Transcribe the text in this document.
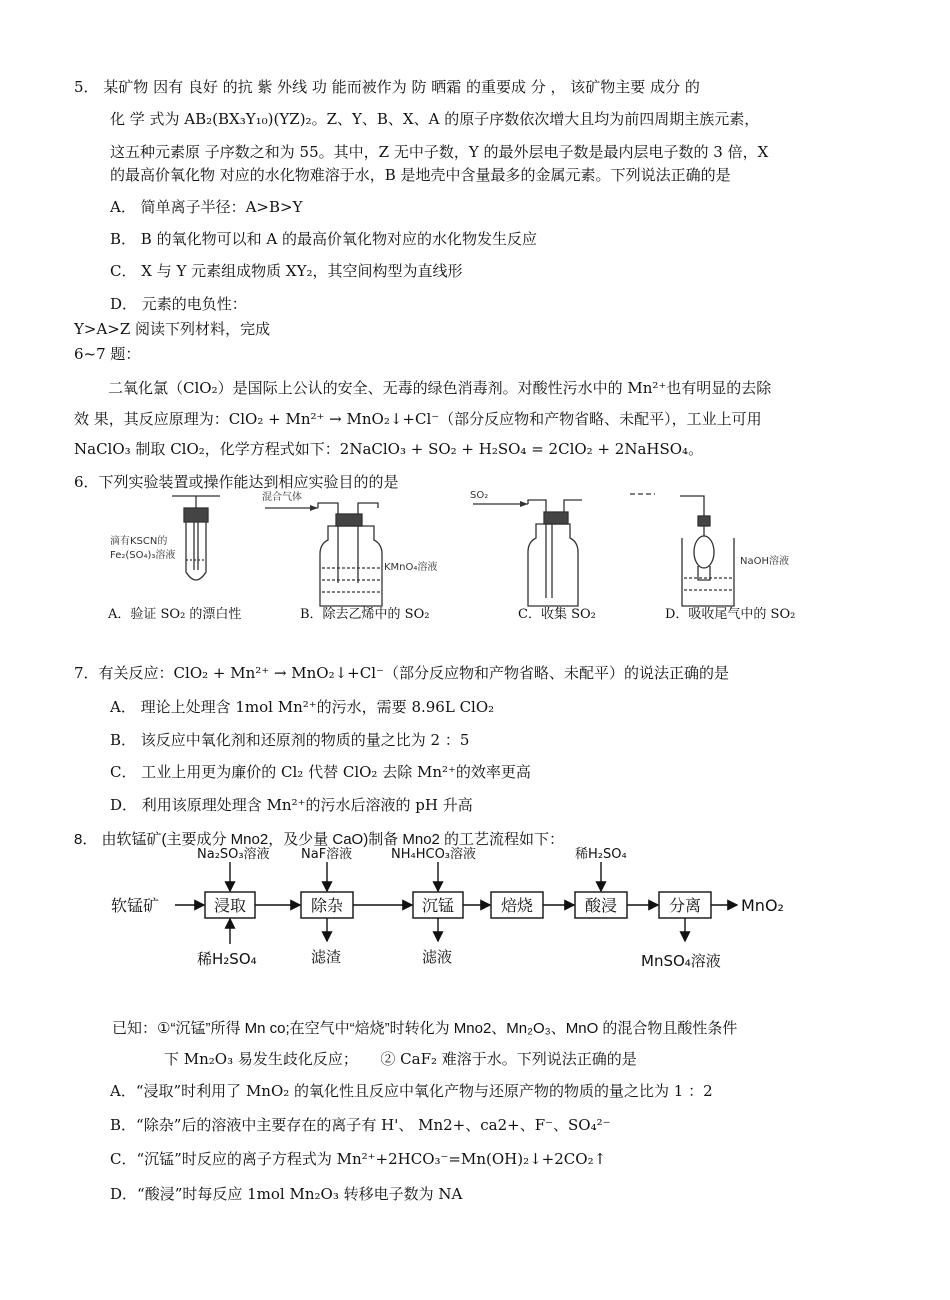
5． 某矿物 因有 良好 的抗 紫 外线 功 能而被作为 防 晒霜 的重要成 分 ， 该矿物主要 成分 的
化 学 式为 AB₂(BX₃Y₁₀)(YZ)₂。Z、Y、B、X、A 的原子序数依次增大且均为前四周期主族元素，
这五种元素原 子序数之和为 55。其中，Z 无中子数，Y 的最外层电子数是最内层电子数的 3 倍，X
的最高价氧化物 对应的水化物难溶于水，B 是地壳中含量最多的金属元素。下列说法正确的是
A． 简单离子半径：A>B>Y
B． B 的氧化物可以和 A 的最高价氧化物对应的水化物发生反应
C． X 与 Y 元素组成物质 XY₂，其空间构型为直线形
D． 元素的电负性：
Y>A>Z 阅读下列材料，完成
6~7 题：
二氧化氯（ClO₂）是国际上公认的安全、无毒的绿色消毒剂。对酸性污水中的 Mn²⁺也有明显的去除
效 果，其反应原理为：ClO₂ + Mn²⁺ → MnO₂↓+Cl⁻（部分反应物和产物省略、未配平），工业上可用
NaClO₃ 制取 ClO₂，化学方程式如下：2NaClO₃ + SO₂ + H₂SO₄ = 2ClO₂ + 2NaHSO₄。
6．下列实验装置或操作能达到相应实验目的的是
滴有KSCN的
Fe₂(SO₄)₃溶液
混合气体
KMnO₄溶液
SO₂
NaOH溶液
A．验证 SO₂ 的漂白性	B．除去乙烯中的 SO₂	C．收集 SO₂	D．吸收尾气中的 SO₂
7．有关反应：ClO₂ + Mn²⁺ → MnO₂↓+Cl⁻（部分反应物和产物省略、未配平）的说法正确的是
A． 理论上处理含 1mol Mn²⁺的污水，需要 8.96L ClO₂
B． 该反应中氧化剂和还原剂的物质的量之比为 2 ：5
C． 工业上用更为廉价的 Cl₂ 代替 ClO₂ 去除 Mn²⁺的效率更高
D． 利用该原理处理含 Mn²⁺的污水后溶液的 pH 升高
8． 由软锰矿(主要成分 Mno2，及少量 CaO)制备 Mno2 的工艺流程如下：
软锰矿	浸取	除杂	沉锰	焙烧	酸浸	分离 MnO₂
Na₂SO₃溶液 NaF溶液	NH₄HCO₃溶液	稀H₂SO₄
稀H₂SO₄	滤渣	滤液	MnSO₄溶液
已知：①“沉锰”所得 Mn co;在空气中“焙烧”时转化为 Mno2、Mn₂O₃、MnO 的混合物且酸性条件
下 Mn₂O₃ 易发生歧化反应；　　② CaF₂ 难溶于水。下列说法正确的是
A．“浸取”时利用了 MnO₂ 的氧化性且反应中氧化产物与还原产物的物质的量之比为 1 ：2
B．“除杂”后的溶液中主要存在的离子有 H'、 Mn2+、ca2+、F⁻、SO₄²⁻
C．“沉锰”时反应的离子方程式为 Mn²⁺+2HCO₃⁻=Mn(OH)₂↓+2CO₂↑
D．“酸浸”时每反应 1mol Mn₂O₃ 转移电子数为 NA
